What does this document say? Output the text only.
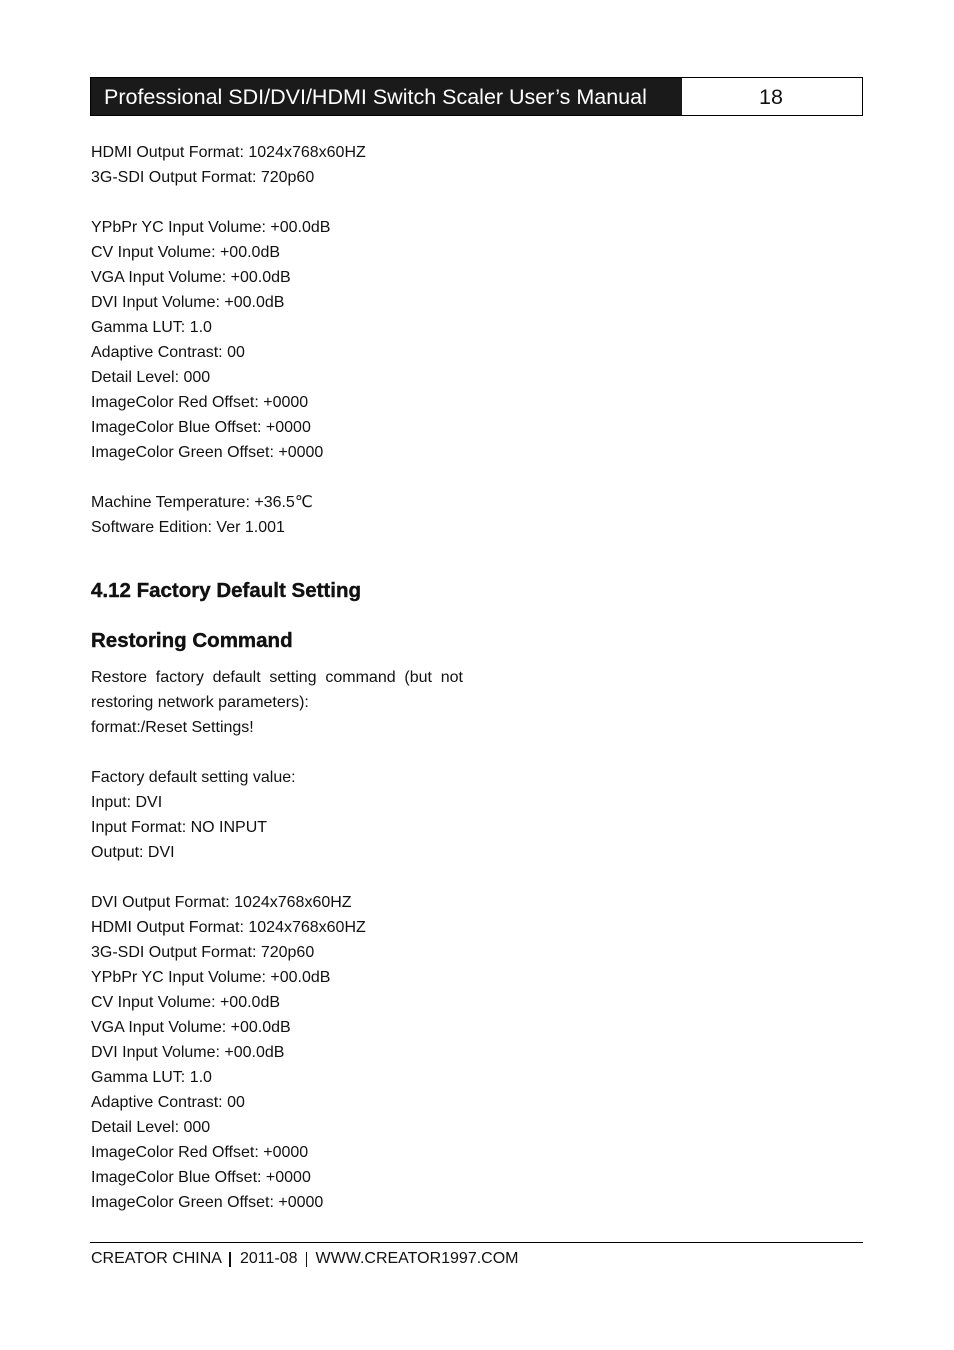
Professional SDI/DVI/HDMI Switch Scaler User’s Manual	18
HDMI Output Format: 1024x768x60HZ
3G-SDI Output Format: 720p60
YPbPr YC Input Volume: +00.0dB
CV Input Volume: +00.0dB
VGA Input Volume: +00.0dB
DVI Input Volume: +00.0dB
Gamma LUT: 1.0
Adaptive Contrast: 00
Detail Level: 000
ImageColor Red Offset: +0000
ImageColor Blue Offset: +0000
ImageColor Green Offset: +0000
Machine Temperature: +36.5℃
Software Edition: Ver 1.001
4.12 Factory Default Setting
Restoring Command
Restore factory default setting command (but not restoring network parameters):
format:/Reset Settings!
Factory default setting value:
Input: DVI
Input Format: NO INPUT
Output: DVI
DVI Output Format: 1024x768x60HZ
HDMI Output Format: 1024x768x60HZ
3G-SDI Output Format: 720p60
YPbPr YC Input Volume: +00.0dB
CV Input Volume: +00.0dB
VGA Input Volume: +00.0dB
DVI Input Volume: +00.0dB
Gamma LUT: 1.0
Adaptive Contrast: 00
Detail Level: 000
ImageColor Red Offset: +0000
ImageColor Blue Offset: +0000
ImageColor Green Offset: +0000
CREATOR CHINA 2011-08 WWW.CREATOR1997.COM
